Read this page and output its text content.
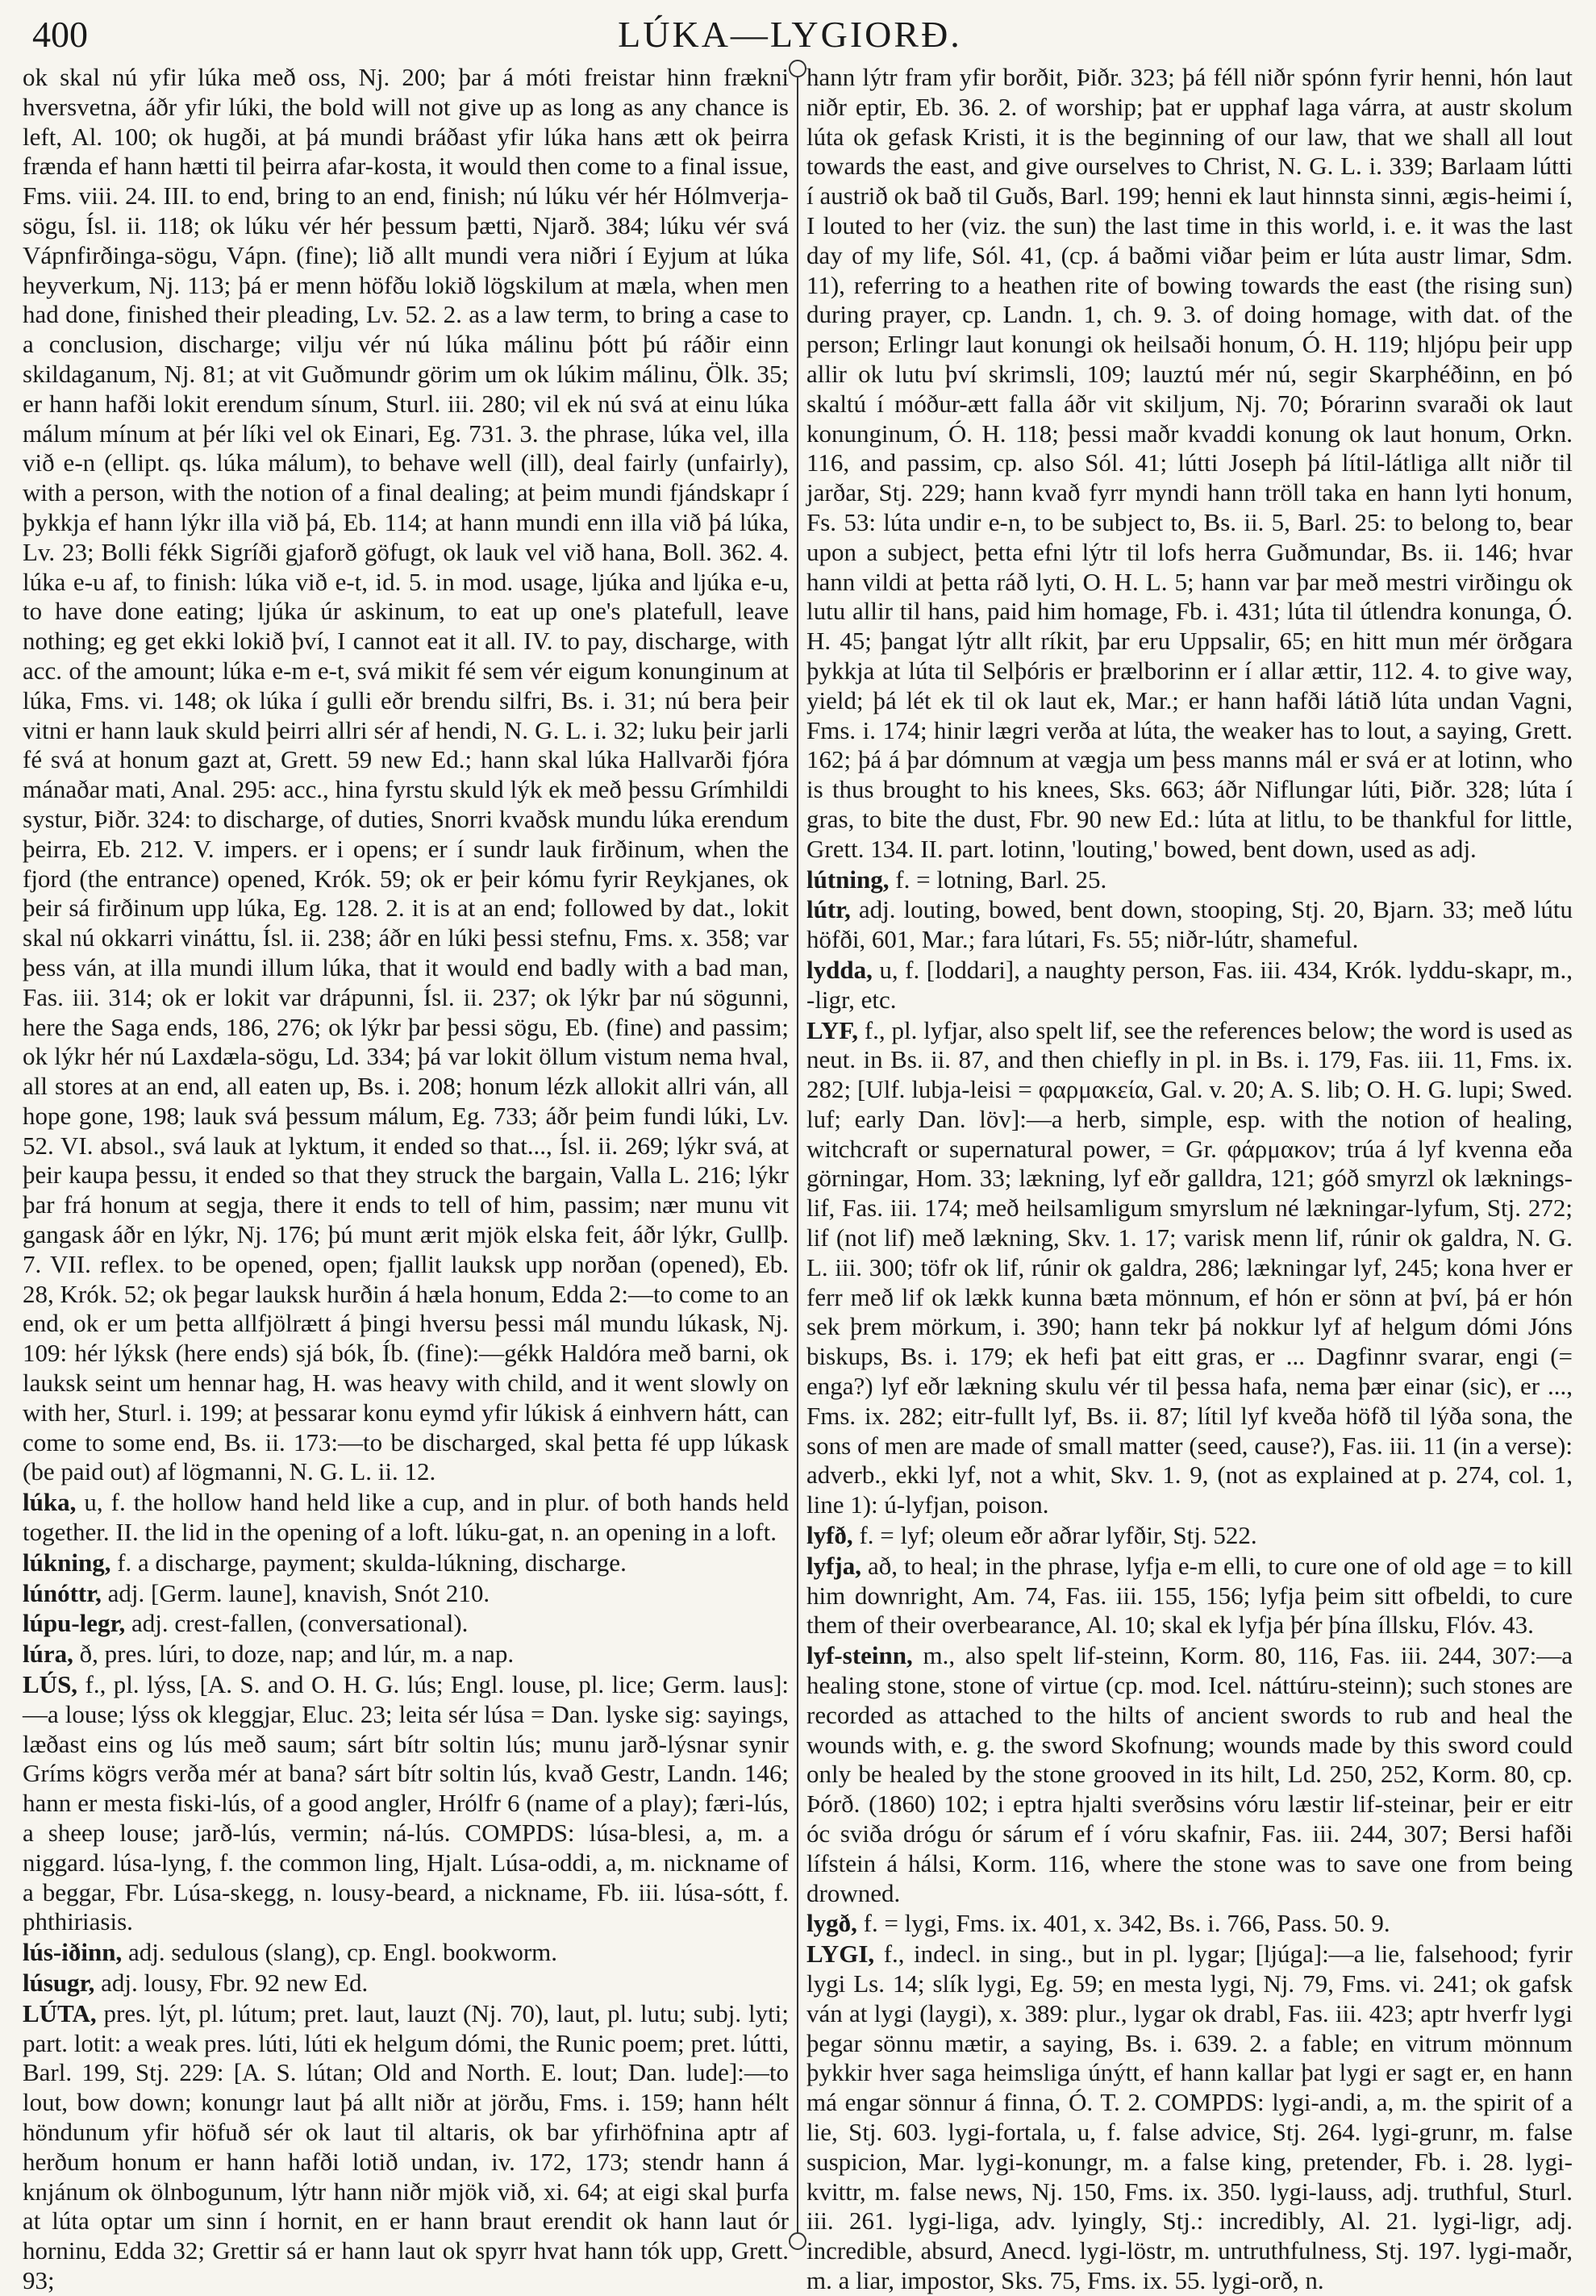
400	LÚKA—LYGIORÐ.

ok skal nú yfir lúka með oss, Nj. 200; þar á móti freistar hinn frækni hversvetna, áðr yfir lúki, the bold will not give up as long as any chance is left, Al. 100; ok hugði, at þá mundi bráðast yfir lúka hans ætt ok þeirra frænda ef hann hætti til þeirra afar-kosta, it would then come to a final issue, Fms. viii. 24. III. to end, bring to an end, finish; nú lúku vér hér Hólmverja-sögu, Ísl. ii. 118; ok lúku vér hér þessum þætti, Njarð. 384; lúku vér svá Vápnfirðinga-sögu, Vápn. (fine); lið allt mundi vera niðri í Eyjum at lúka heyverkum, Nj. 113; þá er menn höfðu lokið lögskilum at mæla, when men had done, finished their pleading, Lv. 52. 2. as a law term, to bring a case to a conclusion, discharge; vilju vér nú lúka málinu þótt þú ráðir einn skildaganum, Nj. 81; at vit Guðmundr görim um ok lúkim málinu, Ölk. 35; er hann hafði lokit erendum sínum, Sturl. iii. 280; vil ek nú svá at einu lúka málum mínum at þér líki vel ok Einari, Eg. 731. 3. the phrase, lúka vel, illa við e-n (ellipt. qs. lúka málum), to behave well (ill), deal fairly (unfairly), with a person, with the notion of a final dealing; at þeim mundi fjándskapr í þykkja ef hann lýkr illa við þá, Eb. 114; at hann mundi enn illa við þá lúka, Lv. 23; Bolli fékk Sigríði gjaforð göfugt, ok lauk vel við hana, Boll. 362. 4. lúka e-u af, to finish: lúka við e-t, id. 5. in mod. usage, ljúka and ljúka e-u, to have done eating; ljúka úr askinum, to eat up one's platefull, leave nothing; eg get ekki lokið því, I cannot eat it all. IV. to pay, discharge, with acc. of the amount; lúka e-m e-t, svá mikit fé sem vér eigum konunginum at lúka, Fms. vi. 148; ok lúka í gulli eðr brendu silfri, Bs. i. 31; nú bera þeir vitni er hann lauk skuld þeirri allri sér af hendi, N. G. L. i. 32; luku þeir jarli fé svá at honum gazt at, Grett. 59 new Ed.; hann skal lúka Hallvarði fjóra mánaðar mati, Anal. 295: acc., hina fyrstu skuld lýk ek með þessu Grímhildi systur, Þiðr. 324: to discharge, of duties, Snorri kvaðsk mundu lúka erendum þeirra, Eb. 212. V. impers. er i opens; er í sundr lauk firðinum, when the fjord (the entrance) opened, Krók. 59; ok er þeir kómu fyrir Reykjanes, ok þeir sá firðinum upp lúka, Eg. 128. 2. it is at an end; followed by dat., lokit skal nú okkarri vináttu, Ísl. ii. 238; áðr en lúki þessi stefnu, Fms. x. 358; var þess ván, at illa mundi illum lúka, that it would end badly with a bad man, Fas. iii. 314; ok er lokit var drápunni, Ísl. ii. 237; ok lýkr þar nú sögunni, here the Saga ends, 186, 276; ok lýkr þar þessi sögu, Eb. (fine) and passim; ok lýkr hér nú Laxdæla-sögu, Ld. 334; þá var lokit öllum vistum nema hval, all stores at an end, all eaten up, Bs. i. 208; honum lézk allokit allri ván, all hope gone, 198; lauk svá þessum málum, Eg. 733; áðr þeim fundi lúki, Lv. 52. VI. absol., svá lauk at lyktum, it ended so that..., Ísl. ii. 269; lýkr svá, at þeir kaupa þessu, it ended so that they struck the bargain, Valla L. 216; lýkr þar frá honum at segja, there it ends to tell of him, passim; nær munu vit gangask áðr en lýkr, Nj. 176; þú munt ærit mjök elska feit, áðr lýkr, Gullþ. 7. VII. reflex. to be opened, open; fjallit lauksk upp norðan (opened), Eb. 28, Krók. 52; ok þegar lauksk hurðin á hæla honum, Edda 2:—to come to an end, ok er um þetta allfjölrætt á þingi hversu þessi mál mundu lúkask, Nj. 109: hér lýksk (here ends) sjá bók, Íb. (fine):—gékk Haldóra með barni, ok lauksk seint um hennar hag, H. was heavy with child, and it went slowly on with her, Sturl. i. 199; at þessarar konu eymd yfir lúkisk á einhvern hátt, can come to some end, Bs. ii. 173:—to be discharged, skal þetta fé upp lúkask (be paid out) af lögmanni, N. G. L. ii. 12.

lúka, u, f. the hollow hand held like a cup, and in plur. of both hands held together. II. the lid in the opening of a loft. lúku-gat, n. an opening in a loft.

lúkning, f. a discharge, payment; skulda-lúkning, discharge.

lúnóttr, adj. [Germ. laune], knavish, Snót 210.

lúpu-legr, adj. crest-fallen, (conversational).

lúra, ð, pres. lúri, to doze, nap; and lúr, m. a nap.

LÚS, f., pl. lýss, [A. S. and O. H. G. lús; Engl. louse, pl. lice; Germ. laus]:—a louse; lýss ok kleggjar, Eluc. 23; leita sér lúsa = Dan. lyske sig: sayings, læðast eins og lús með saum; sárt bítr soltin lús; munu jarð-lýsnar synir Gríms kögrs verða mér at bana? sárt bítr soltin lús, kvað Gestr, Landn. 146; hann er mesta fiski-lús, of a good angler, Hrólfr 6 (name of a play); færi-lús, a sheep louse; jarð-lús, vermin; ná-lús. COMPDS: lúsa-blesi, a, m. a niggard. lúsa-lyng, f. the common ling, Hjalt. Lúsa-oddi, a, m. nickname of a beggar, Fbr. Lúsa-skegg, n. lousy-beard, a nickname, Fb. iii. lúsa-sótt, f. phthiriasis.

lús-iðinn, adj. sedulous (slang), cp. Engl. bookworm.

lúsugr, adj. lousy, Fbr. 92 new Ed.

LÚTA, pres. lýt, pl. lútum; pret. laut, lauzt (Nj. 70), laut, pl. lutu; subj. lyti; part. lotit: a weak pres. lúti, lúti ek helgum dómi, the Runic poem; pret. lútti, Barl. 199, Stj. 229: [A. S. lútan; Old and North. E. lout; Dan. lude]:—to lout, bow down; konungr laut þá allt niðr at jörðu, Fms. i. 159; hann hélt höndunum yfir höfuð sér ok laut til altaris, ok bar yfirhöfnina aptr af herðum honum er hann hafði lotið undan, iv. 172, 173; stendr hann á knjánum ok ölnbogunum, lýtr hann niðr mjök við, xi. 64; at eigi skal þurfa at lúta optar um sinn í hornit, en er hann braut erendit ok hann laut ór horninu, Edda 32; Grettir sá er hann laut ok spyrr hvat hann tók upp, Grett. 93;

hann lýtr fram yfir borðit, Þiðr. 323; þá féll niðr spónn fyrir henni, hón laut niðr eptir, Eb. 36. 2. of worship; þat er upphaf laga várra, at austr skolum lúta ok gefask Kristi, it is the beginning of our law, that we shall all lout towards the east, and give ourselves to Christ, N. G. L. i. 339; Barlaam lútti í austrið ok bað til Guðs, Barl. 199; henni ek laut hinnsta sinni, ægis-heimi í, I louted to her (viz. the sun) the last time in this world, i. e. it was the last day of my life, Sól. 41, (cp. á baðmi viðar þeim er lúta austr limar, Sdm. 11), referring to a heathen rite of bowing towards the east (the rising sun) during prayer, cp. Landn. 1, ch. 9. 3. of doing homage, with dat. of the person; Erlingr laut konungi ok heilsaði honum, Ó. H. 119; hljópu þeir upp allir ok lutu því skrimsli, 109; lauztú mér nú, segir Skarphéðinn, en þó skaltú í móður-ætt falla áðr vit skiljum, Nj. 70; Þórarinn svaraði ok laut konunginum, Ó. H. 118; þessi maðr kvaddi konung ok laut honum, Orkn. 116, and passim, cp. also Sól. 41; lútti Joseph þá lítil-látliga allt niðr til jarðar, Stj. 229; hann kvað fyrr myndi hann tröll taka en hann lyti honum, Fs. 53: lúta undir e-n, to be subject to, Bs. ii. 5, Barl. 25: to belong to, bear upon a subject, þetta efni lýtr til lofs herra Guðmundar, Bs. ii. 146; hvar hann vildi at þetta ráð lyti, O. H. L. 5; hann var þar með mestri virðingu ok lutu allir til hans, paid him homage, Fb. i. 431; lúta til útlendra konunga, Ó. H. 45; þangat lýtr allt ríkit, þar eru Uppsalir, 65; en hitt mun mér örðgara þykkja at lúta til Selþóris er þrælborinn er í allar ættir, 112. 4. to give way, yield; þá lét ek til ok laut ek, Mar.; er hann hafði látið lúta undan Vagni, Fms. i. 174; hinir lægri verða at lúta, the weaker has to lout, a saying, Grett. 162; þá á þar dómnum at vægja um þess manns mál er svá er at lotinn, who is thus brought to his knees, Sks. 663; áðr Niflungar lúti, Þiðr. 328; lúta í gras, to bite the dust, Fbr. 90 new Ed.: lúta at litlu, to be thankful for little, Grett. 134. II. part. lotinn, 'louting,' bowed, bent down, used as adj.

lútning, f. = lotning, Barl. 25.

lútr, adj. louting, bowed, bent down, stooping, Stj. 20, Bjarn. 33; með lútu höfði, 601, Mar.; fara lútari, Fs. 55; niðr-lútr, shameful.

lydda, u, f. [loddari], a naughty person, Fas. iii. 434, Krók. lyddu-skapr, m., -ligr, etc.

LYF, f., pl. lyfjar, also spelt lif, see the references below; the word is used as neut. in Bs. ii. 87, and then chiefly in pl. in Bs. i. 179, Fas. iii. 11, Fms. ix. 282; [Ulf. lubja-leisi = φαρμακεία, Gal. v. 20; A. S. lib; O. H. G. lupi; Swed. luf; early Dan. löv]:—a herb, simple, esp. with the notion of healing, witchcraft or supernatural power, = Gr. φάρμακον; trúa á lyf kvenna eða görningar, Hom. 33; lækning, lyf eðr galldra, 121; góð smyrzl ok læknings-lif, Fas. iii. 174; með heilsamligum smyrslum né lækningar-lyfum, Stj. 272; lif (not lif) með lækning, Skv. 1. 17; varisk menn lif, rúnir ok galdra, N. G. L. iii. 300; töfr ok lif, rúnir ok galdra, 286; lækningar lyf, 245; kona hver er ferr með lif ok lækk kunna bæta mönnum, ef hón er sönn at því, þá er hón sek þrem mörkum, i. 390; hann tekr þá nokkur lyf af helgum dómi Jóns biskups, Bs. i. 179; ek hefi þat eitt gras, er ... Dagfinnr svarar, engi (= enga?) lyf eðr lækning skulu vér til þessa hafa, nema þær einar (sic), er ..., Fms. ix. 282; eitr-fullt lyf, Bs. ii. 87; lítil lyf kveða höfð til lýða sona, the sons of men are made of small matter (seed, cause?), Fas. iii. 11 (in a verse): adverb., ekki lyf, not a whit, Skv. 1. 9, (not as explained at p. 274, col. 1, line 1): ú-lyfjan, poison.

lyfð, f. = lyf; oleum eðr aðrar lyfðir, Stj. 522.

lyfja, að, to heal; in the phrase, lyfja e-m elli, to cure one of old age = to kill him downright, Am. 74, Fas. iii. 155, 156; lyfja þeim sitt ofbeldi, to cure them of their overbearance, Al. 10; skal ek lyfja þér þína íllsku, Flóv. 43.

lyf-steinn, m., also spelt lif-steinn, Korm. 80, 116, Fas. iii. 244, 307:—a healing stone, stone of virtue (cp. mod. Icel. náttúru-steinn); such stones are recorded as attached to the hilts of ancient swords to rub and heal the wounds with, e. g. the sword Skofnung; wounds made by this sword could only be healed by the stone grooved in its hilt, Ld. 250, 252, Korm. 80, cp. Þórð. (1860) 102; i eptra hjalti sverðsins vóru læstir lif-steinar, þeir er eitr óc sviða drógu ór sárum ef í vóru skafnir, Fas. iii. 244, 307; Bersi hafði lífstein á hálsi, Korm. 116, where the stone was to save one from being drowned.

lygð, f. = lygi, Fms. ix. 401, x. 342, Bs. i. 766, Pass. 50. 9.

LYGI, f., indecl. in sing., but in pl. lygar; [ljúga]:—a lie, falsehood; fyrir lygi Ls. 14; slík lygi, Eg. 59; en mesta lygi, Nj. 79, Fms. vi. 241; ok gafsk ván at lygi (laygi), x. 389: plur., lygar ok drabl, Fas. iii. 423; aptr hverfr lygi þegar sönnu mætir, a saying, Bs. i. 639. 2. a fable; en vitrum mönnum þykkir hver saga heimsliga únýtt, ef hann kallar þat lygi er sagt er, en hann má engar sönnur á finna, Ó. T. 2. COMPDS: lygi-andi, a, m. the spirit of a lie, Stj. 603. lygi-fortala, u, f. false advice, Stj. 264. lygi-grunr, m. false suspicion, Mar. lygi-konungr, m. a false king, pretender, Fb. i. 28. lygi-kvittr, m. false news, Nj. 150, Fms. ix. 350. lygi-lauss, adj. truthful, Sturl. iii. 261. lygi-liga, adv. lyingly, Stj.: incredibly, Al. 21. lygi-ligr, adj. incredible, absurd, Anecd. lygi-löstr, m. untruthfulness, Stj. 197. lygi-maðr, m. a liar, impostor, Sks. 75, Fms. ix. 55. lygi-orð, n.
